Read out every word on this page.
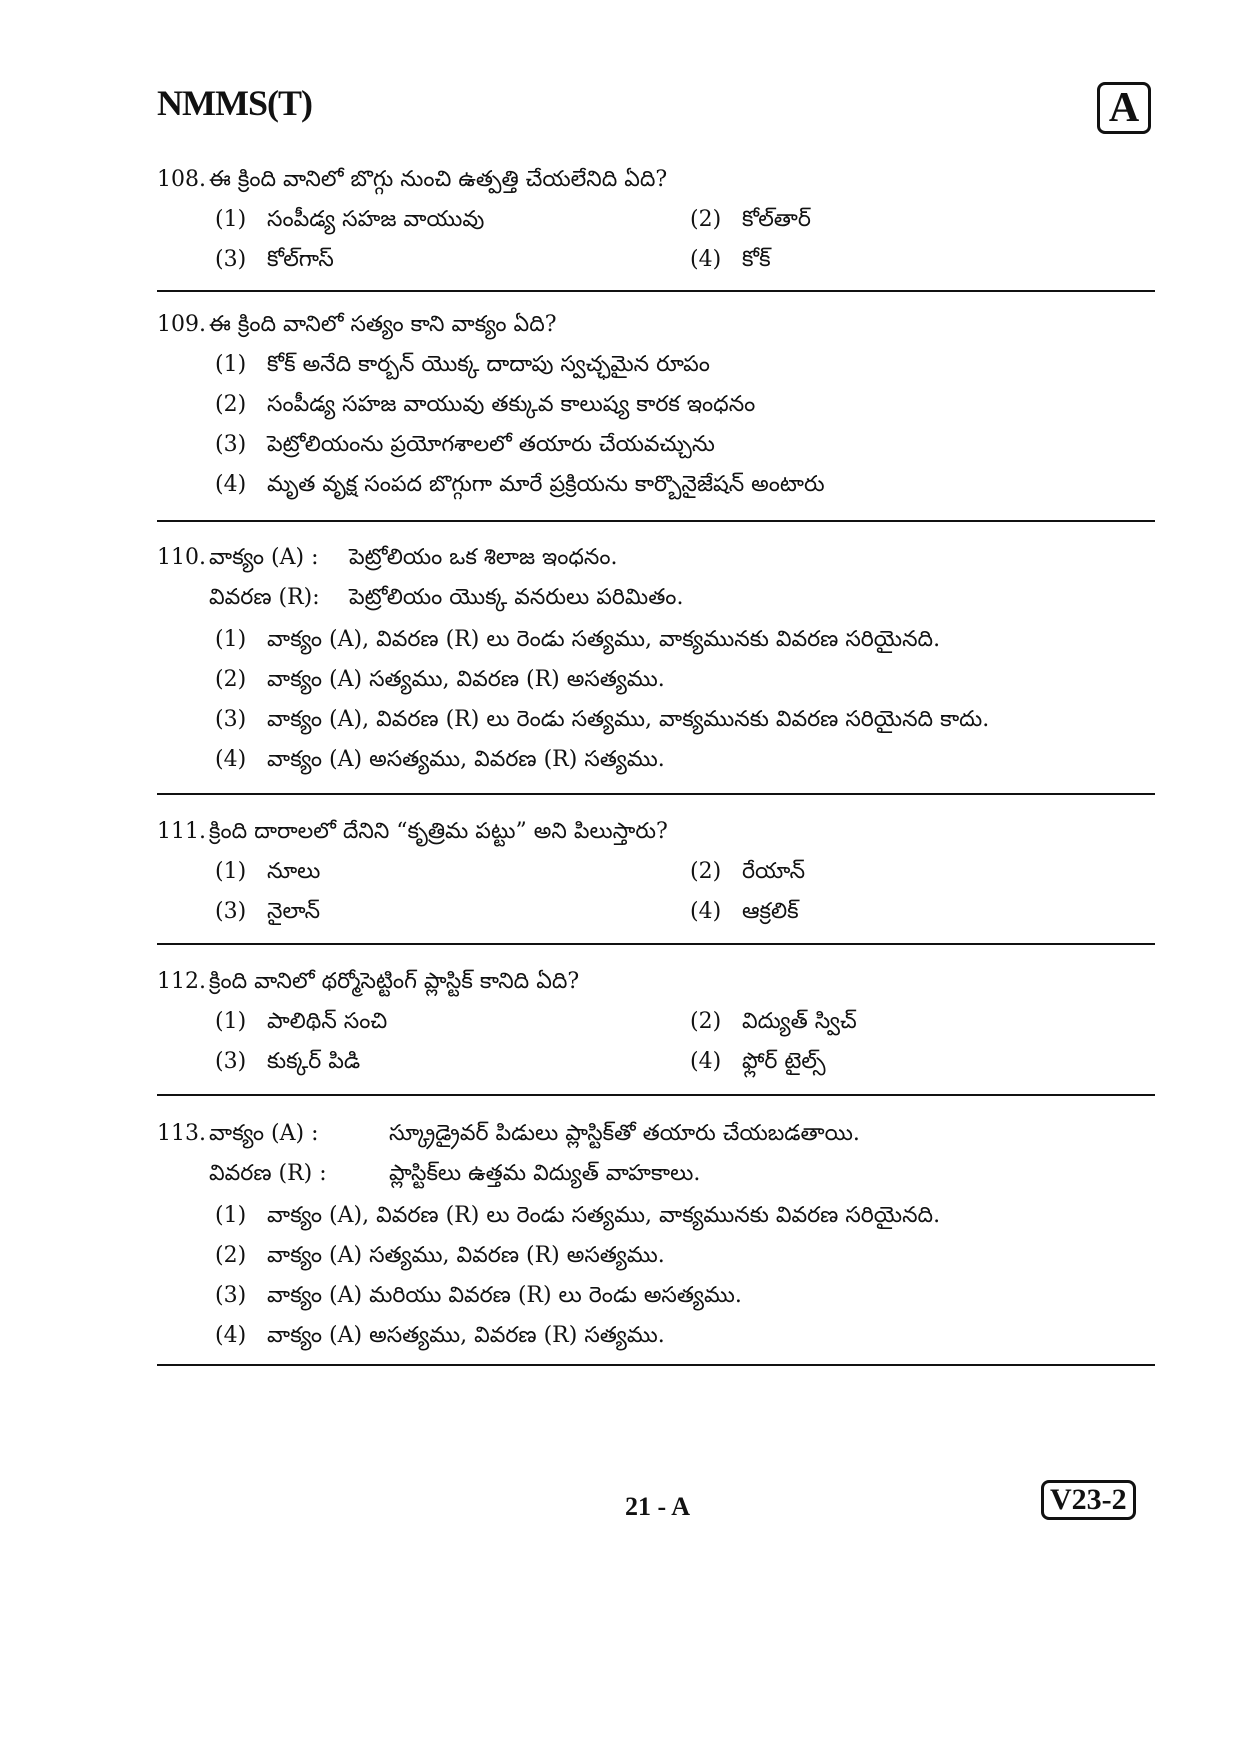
NMMS(T)	A
108. ఈ క్రింది వానిలో బొగ్గు నుంచి ఉత్పత్తి చేయలేనిది ఏది?
(1) సంపీడ్య సహజ వాయువు	(2) కోల్‌తార్
(3) కోల్‌గాస్	(4) కోక్
109. ఈ క్రింది వానిలో సత్యం కాని వాక్యం ఏది?
(1) కోక్ అనేది కార్బన్ యొక్క దాదాపు స్వచ్ఛమైన రూపం
(2) సంపీడ్య సహజ వాయువు తక్కువ కాలుష్య కారక ఇంధనం
(3) పెట్రోలియంను ప్రయోగశాలలో తయారు చేయవచ్చును
(4) మృత వృక్ష సంపద బొగ్గుగా మారే ప్రక్రియను కార్బొనైజేషన్ అంటారు
110. వాక్యం (A) : పెట్రోలియం ఒక శిలాజ ఇంధనం.
వివరణ (R): పెట్రోలియం యొక్క వనరులు పరిమితం.
(1) వాక్యం (A), వివరణ (R) లు రెండు సత్యము, వాక్యమునకు వివరణ సరియైనది.
(2) వాక్యం (A) సత్యము, వివరణ (R) అసత్యము.
(3) వాక్యం (A), వివరణ (R) లు రెండు సత్యము, వాక్యమునకు వివరణ సరియైనది కాదు.
(4) వాక్యం (A) అసత్యము, వివరణ (R) సత్యము.
111. క్రింది దారాలలో దేనిని “కృత్రిమ పట్టు” అని పిలుస్తారు?
(1) నూలు	(2) రేయాన్
(3) నైలాన్	(4) ఆక్రలిక్
112. క్రింది వానిలో థర్మోసెట్టింగ్ ప్లాస్టిక్ కానిది ఏది?
(1) పాలిథిన్ సంచి	(2) విద్యుత్ స్విచ్
(3) కుక్కర్ పిడి	(4) ఫ్లోర్ టైల్స్
113. వాక్యం (A) :	స్క్రూడ్రైవర్ పిడులు ప్లాస్టిక్‌తో తయారు చేయబడతాయి.
వివరణ (R) :	ప్లాస్టిక్‌లు ఉత్తమ విద్యుత్ వాహకాలు.
(1) వాక్యం (A), వివరణ (R) లు రెండు సత్యము, వాక్యమునకు వివరణ సరియైనది.
(2) వాక్యం (A) సత్యము, వివరణ (R) అసత్యము.
(3) వాక్యం (A) మరియు వివరణ (R) లు రెండు అసత్యము.
(4) వాక్యం (A) అసత్యము, వివరణ (R) సత్యము.
21 - A	V23-2
